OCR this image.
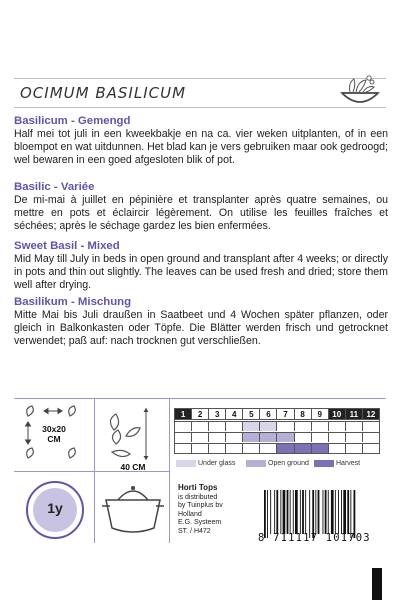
OCIMUM BASILICUM
Basilicum - Gemengd
Half mei tot juli in een kweekbakje en na ca. vier weken uitplanten, of in een bloempot en wat uitdunnen. Het blad kan je vers gebruiken maar ook gedroogd; wel bewaren in een goed afgesloten blik of pot.
Basilic - Variée
De mi-mai à juillet en pépinière et transplanter après quatre semaines, ou mettre en pots et éclaircir légèrement. On utilise les feuilles fraîches et séchées; après le séchage gardez les bien enfermées.
Sweet Basil - Mixed
Mid May till July in beds in open ground and transplant after 4 weeks; or directly in pots and thin out slightly. The leaves can be used fresh and dried; store them well after drying.
Basilikum - Mischung
Mitte Mai bis Juli draußen in Saatbeet und 4 Wochen später pflanzen, oder gleich in Balkonkasten oder Töpfe. Die Blätter werden frisch und getrocknet verwendet; paß auf: nach trocknen gut verschließen.
30x20
CM
40 CM
1y
1	2	3	4	5	6	7	8	9	10	11	12
Under glass	Open ground	Harvest
Horti Tops
is distributed
by Tuinplus bv
Holland
E.G. Systeem
ST. / H472
8 711117 101703
